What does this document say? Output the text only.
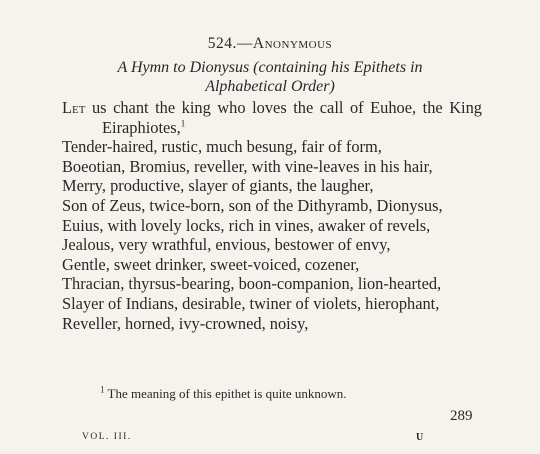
524.—Anonymous
A Hymn to Dionysus (containing his Epithets in
Alphabetical Order)

Let us chant the king who loves the call of Euhoe, the King Eiraphiotes,$^1$

Tender-haired, rustic, much besung, fair of form,

Boeotian, Bromius, reveller, with vine-leaves in his hair,

Merry, productive, slayer of giants, the laugher,

Son of Zeus, twice-born, son of the Dithyramb, Dionysus,

Euius, with lovely locks, rich in vines, awaker of revels,

Jealous, very wrathful, envious, bestower of envy,

Gentle, sweet drinker, sweet-voiced, cozener,

Thracian, thyrsus-bearing, boon-companion, lion-hearted,

Slayer of Indians, desirable, twiner of violets, hierophant,

Reveller, horned, ivy-crowned, noisy,

$^1$ The meaning of this epithet is quite unknown.
289
VOL. III.	U
